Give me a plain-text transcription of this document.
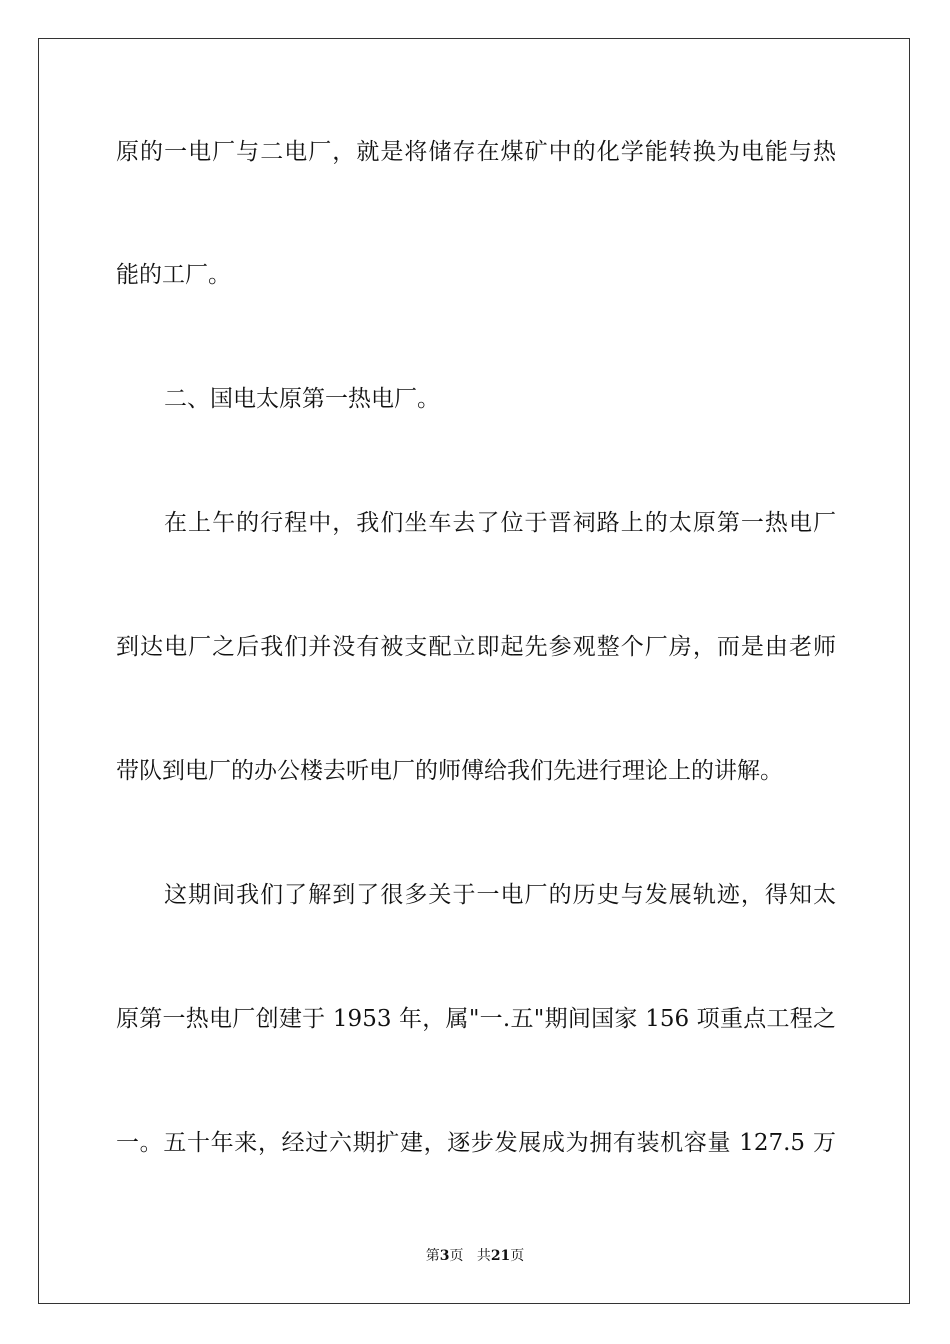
原的一电厂与二电厂，就是将储存在煤矿中的化学能转换为电能与热
能的工厂。
二、国电太原第一热电厂。
在上午的行程中，我们坐车去了位于晋祠路上的太原第一热电厂
到达电厂之后我们并没有被支配立即起先参观整个厂房，而是由老师
带队到电厂的办公楼去听电厂的师傅给我们先进行理论上的讲解。
这期间我们了解到了很多关于一电厂的历史与发展轨迹，得知太
原第一热电厂创建于 1953 年，属"一.五"期间国家 156 项重点工程之
一。五十年来，经过六期扩建，逐步发展成为拥有装机容量 127.5 万
第3页 共21页
